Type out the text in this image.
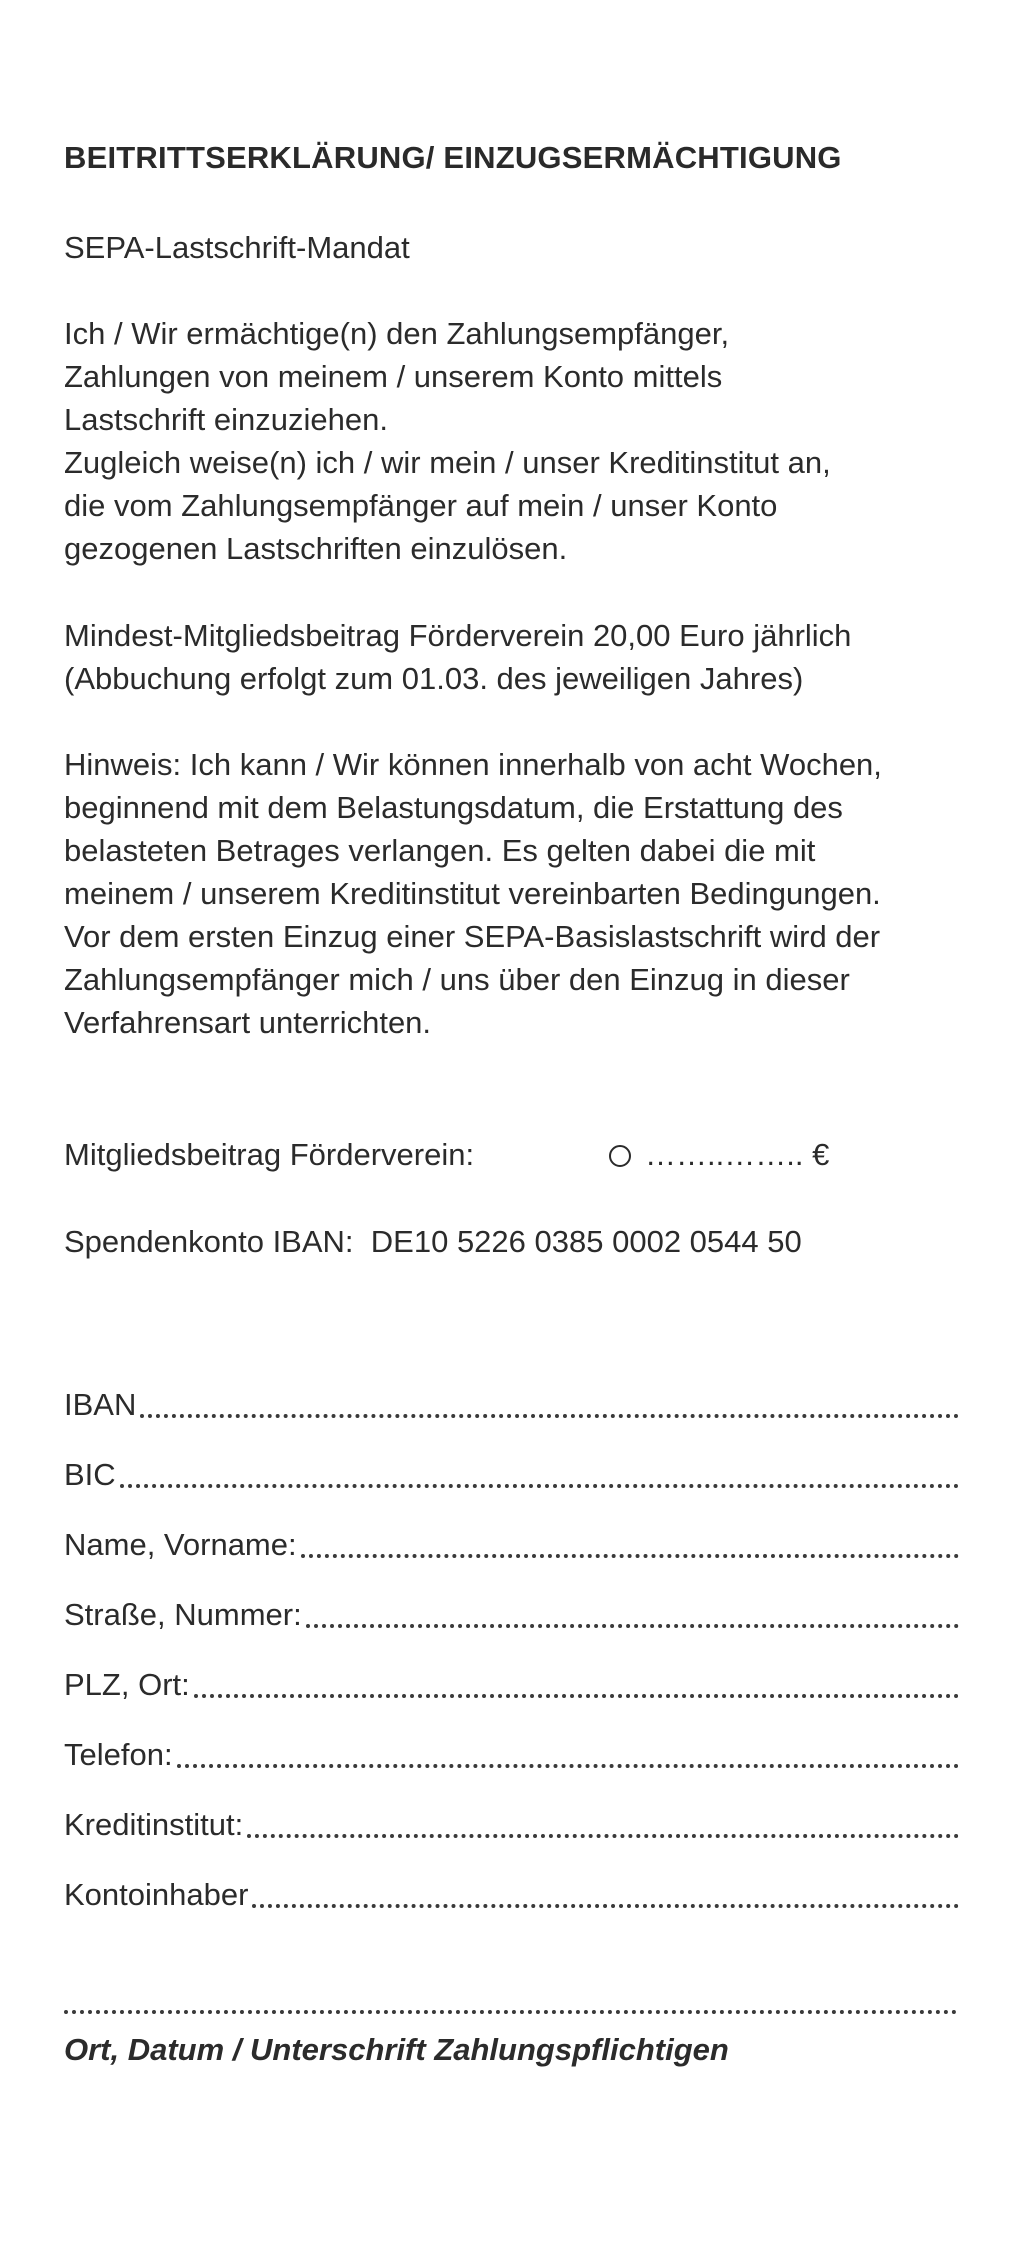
BEITRITTSERKLÄRUNG/ EINZUGSERMÄCHTIGUNG
SEPA-Lastschrift-Mandat
Ich / Wir ermächtige(n) den Zahlungsempfänger,
Zahlungen von meinem / unserem Konto mittels
Lastschrift einzuziehen.
Zugleich weise(n) ich / wir mein / unser Kreditinstitut an,
die vom Zahlungsempfänger auf mein / unser Konto
gezogenen Lastschriften einzulösen.
Mindest-Mitgliedsbeitrag Förderverein 20,00 Euro jährlich
(Abbuchung erfolgt zum 01.03. des jeweiligen Jahres)
Hinweis: Ich kann / Wir können innerhalb von acht Wochen,
beginnend mit dem Belastungsdatum, die Erstattung des
belasteten Betrages verlangen. Es gelten dabei die mit
meinem / unserem Kreditinstitut vereinbarten Bedingungen.
Vor dem ersten Einzug einer SEPA-Basislastschrift wird der
Zahlungsempfänger mich / uns über den Einzug in dieser
Verfahrensart unterrichten.
Mitgliedsbeitrag Förderverein:	……..…….. €
Spendenkonto IBAN: DE10 5226 0385 0002 0544 50
IBAN
BIC
Name, Vorname:
Straße, Nummer:
PLZ, Ort:
Telefon:
Kreditinstitut:
Kontoinhaber
Ort, Datum / Unterschrift Zahlungspflichtigen
